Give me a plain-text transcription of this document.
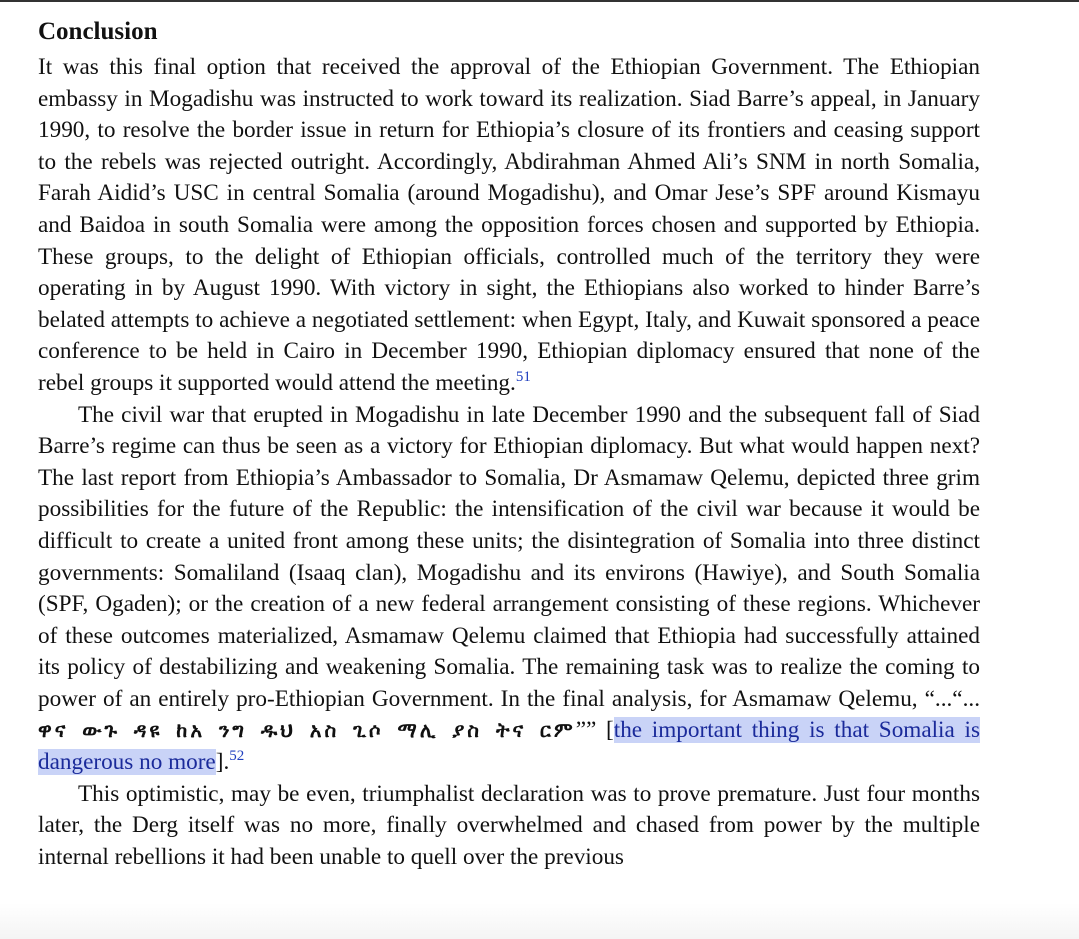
Conclusion

It was this final option that received the approval of the Ethiopian Government. The Ethiopian embassy in Mogadishu was instructed to work toward its realization. Siad Barre’s appeal, in January 1990, to resolve the border issue in return for Ethiopia’s closure of its frontiers and ceasing support to the rebels was rejected outright. Accordingly, Abdirahman Ahmed Ali’s SNM in north Somalia, Farah Aidid’s USC in central Somalia (around Mogadishu), and Omar Jese’s SPF around Kismayu and Baidoa in south Somalia were among the opposition forces chosen and supported by Ethiopia. These groups, to the delight of Ethiopian officials, controlled much of the territory they were operating in by August 1990. With victory in sight, the Ethiopians also worked to hinder Barre’s belated attempts to achieve a negotiated settlement: when Egypt, Italy, and Kuwait sponsored a peace conference to be held in Cairo in December 1990, Ethiopian diplomacy ensured that none of the rebel groups it supported would attend the meeting.$^{51}$

The civil war that erupted in Mogadishu in late December 1990 and the subsequent fall of Siad Barre’s regime can thus be seen as a victory for Ethiopian diplomacy. But what would happen next? The last report from Ethiopia’s Ambassador to Somalia, Dr Asmamaw Qelemu, depicted three grim possibilities for the future of the Republic: the intensification of the civil war because it would be difficult to create a united front among these units; the disintegration of Somalia into three distinct governments: Somaliland (Isaaq clan), Mogadishu and its environs (Hawiye), and South Somalia (SPF, Ogaden); or the creation of a new federal arrangement consisting of these regions. Whichever of these outcomes materialized, Asmamaw Qelemu claimed that Ethiopia had successfully attained its policy of destabilizing and weakening Somalia. The remaining task was to realize the coming to power of an entirely pro-Ethiopian Government. In the final analysis, for Asmamaw Qelemu, “...“... ዋና ውጉ ዳዩ ከአ ንግ ዱህ አስ ጊሶ ማሊ ያስ ትና ርም”” [the important thing is that Somalia is dangerous no more].$^{52}$

This optimistic, may be even, triumphalist declaration was to prove premature. Just four months later, the Derg itself was no more, finally overwhelmed and chased from power by the multiple internal rebellions it had been unable to quell over the previous
